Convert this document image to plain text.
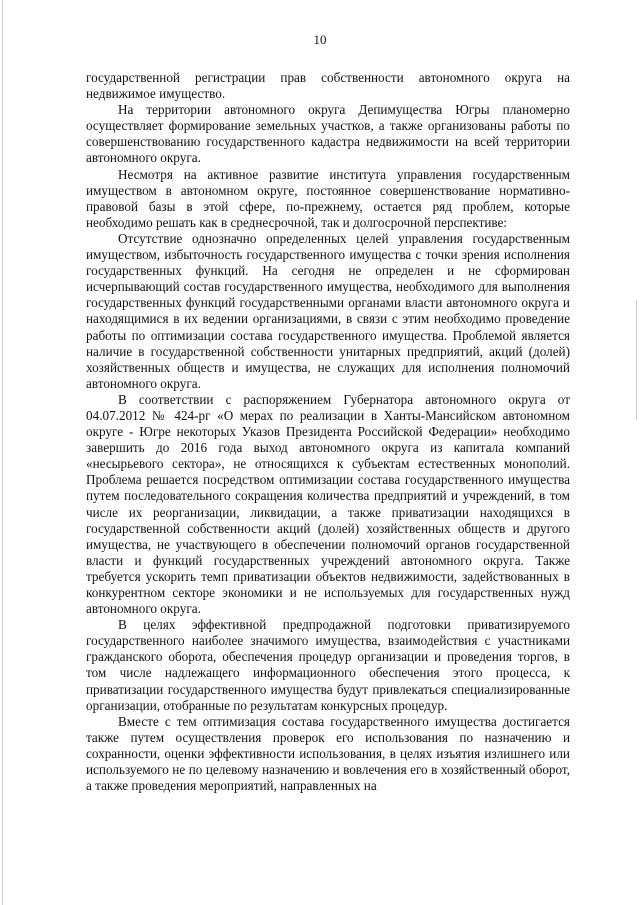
10

государственной регистрации прав собственности автономного округа на недвижимое имущество.

На территории автономного округа Депимущества Югры планомерно осуществляет формирование земельных участков, а также организованы работы по совершенствованию государственного кадастра недвижимости на всей территории автономного округа.

Несмотря на активное развитие института управления государственным имуществом в автономном округе, постоянное совершенствование нормативно-правовой базы в этой сфере, по-прежнему, остается ряд проблем, которые необходимо решать как в среднесрочной, так и долгосрочной перспективе:

Отсутствие однозначно определенных целей управления государственным имуществом, избыточность государственного имущества с точки зрения исполнения государственных функций. На сегодня не определен и не сформирован исчерпывающий состав государственного имущества, необходимого для выполнения государственных функций государственными органами власти автономного округа и находящимися в их ведении организациями, в связи с этим необходимо проведение работы по оптимизации состава государственного имущества. Проблемой является наличие в государственной собственности унитарных предприятий, акций (долей) хозяйственных обществ и имущества, не служащих для исполнения полномочий автономного округа.

В соответствии с распоряжением Губернатора автономного округа от 04.07.2012 № 424-рг «О мерах по реализации в Ханты-Мансийском автономном округе - Югре некоторых Указов Президента Российской Федерации» необходимо завершить до 2016 года выход автономного округа из капитала компаний «несырьевого сектора», не относящихся к субъектам естественных монополий. Проблема решается посредством оптимизации состава государственного имущества путем последовательного сокращения количества предприятий и учреждений, в том числе их реорганизации, ликвидации, а также приватизации находящихся в государственной собственности акций (долей) хозяйственных обществ и другого имущества, не участвующего в обеспечении полномочий органов государственной власти и функций государственных учреждений автономного округа. Также требуется ускорить темп приватизации объектов недвижимости, задействованных в конкурентном секторе экономики и не используемых для государственных нужд автономного округа.

В целях эффективной предпродажной подготовки приватизируемого государственного наиболее значимого имущества, взаимодействия с участниками гражданского оборота, обеспечения процедур организации и проведения торгов, в том числе надлежащего информационного обеспечения этого процесса, к приватизации государственного имущества будут привлекаться специализированные организации, отобранные по результатам конкурсных процедур.

Вместе с тем оптимизация состава государственного имущества достигается также путем осуществления проверок его использования по назначению и сохранности, оценки эффективности использования, в целях изъятия излишнего или используемого не по целевому назначению и вовлечения его в хозяйственный оборот, а также проведения мероприятий, направленных на
